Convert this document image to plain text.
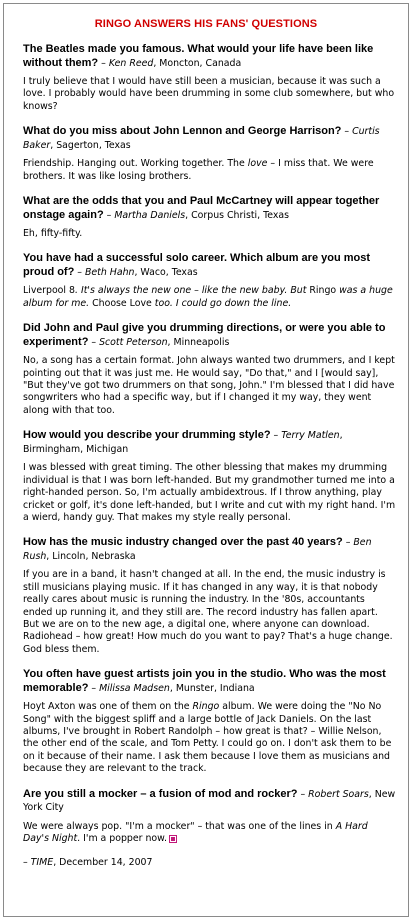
RINGO ANSWERS HIS FANS' QUESTIONS
The Beatles made you famous. What would your life have been like without them? – Ken Reed, Moncton, Canada
I truly believe that I would have still been a musician, because it was such a love. I probably would have been drumming in some club somewhere, but who knows?
What do you miss about John Lennon and George Harrison? – Curtis Baker, Sagerton, Texas
Friendship. Hanging out. Working together. The love – I miss that. We were brothers. It was like losing brothers.
What are the odds that you and Paul McCartney will appear together onstage again? – Martha Daniels, Corpus Christi, Texas
Eh, fifty-fifty.
You have had a successful solo career. Which album are you most proud of? – Beth Hahn, Waco, Texas
Liverpool 8. It's always the new one – like the new baby. But Ringo was a huge album for me. Choose Love too. I could go down the line.
Did John and Paul give you drumming directions, or were you able to experiment? – Scott Peterson, Minneapolis
No, a song has a certain format. John always wanted two drummers, and I kept pointing out that it was just me. He would say, "Do that," and I [would say], "But they've got two drummers on that song, John." I'm blessed that I did have songwriters who had a specific way, but if I changed it my way, they went along with that too.
How would you describe your drumming style? – Terry Matlen, Birmingham, Michigan
I was blessed with great timing. The other blessing that makes my drumming individual is that I was born left-handed. But my grandmother turned me into a right-handed person. So, I'm actually ambidextrous. If I throw anything, play cricket or golf, it's done left-handed, but I write and cut with my right hand. I'm a wierd, handy guy. That makes my style really personal.
How has the music industry changed over the past 40 years? – Ben Rush, Lincoln, Nebraska
If you are in a band, it hasn't changed at all. In the end, the music industry is still musicians playing music. If it has changed in any way, it is that nobody really cares about music is running the industry. In the '80s, accountants ended up running it, and they still are. The record industry has fallen apart. But we are on to the new age, a digital one, where anyone can download. Radiohead – how great! How much do you want to pay? That's a huge change. God bless them.
You often have guest artists join you in the studio. Who was the most memorable? – Milissa Madsen, Munster, Indiana
Hoyt Axton was one of them on the Ringo album. We were doing the "No No Song" with the biggest spliff and a large bottle of Jack Daniels. On the last albums, I've brought in Robert Randolph – how great is that? – Willie Nelson, the other end of the scale, and Tom Petty. I could go on. I don't ask them to be on it because of their name. I ask them because I love them as musicians and because they are relevant to the track.
Are you still a mocker – a fusion of mod and rocker? – Robert Soars, New York City
We were always pop. "I'm a mocker" – that was one of the lines in A Hard Day's Night. I'm a popper now.
– TIME, December 14, 2007
